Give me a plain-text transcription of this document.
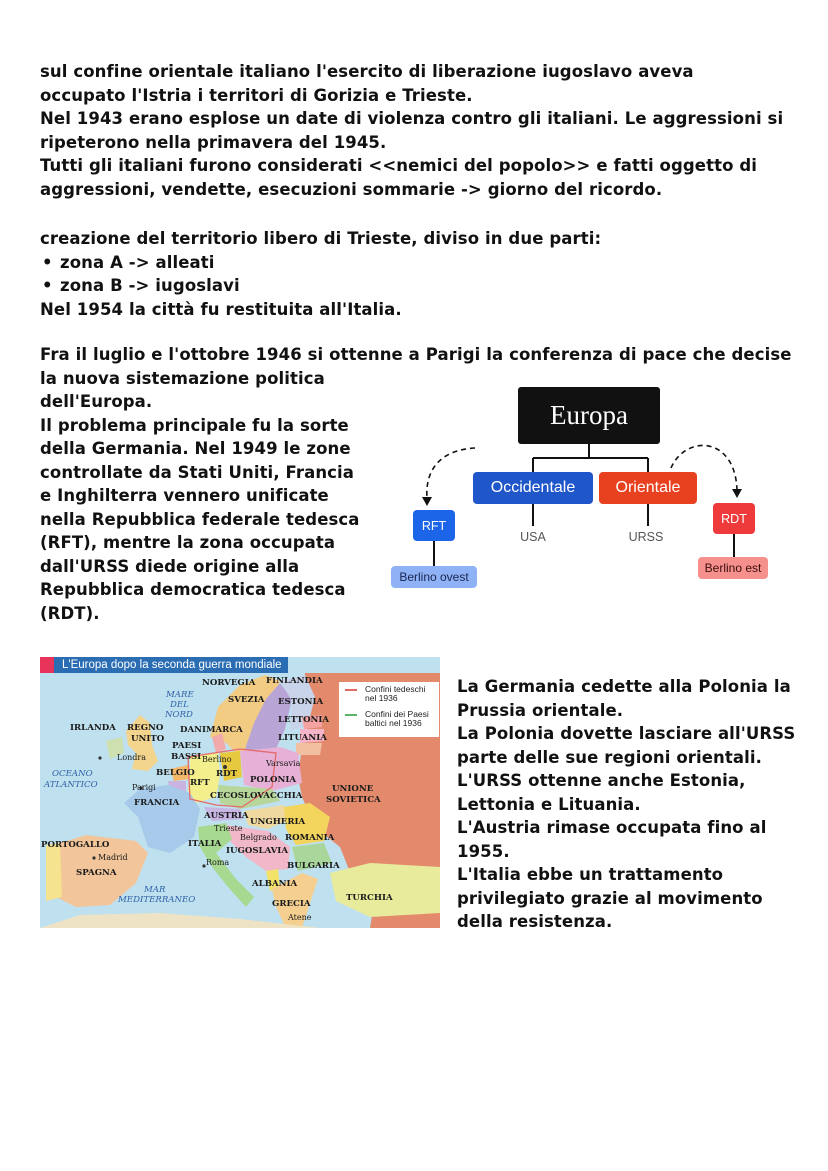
sul confine orientale italiano l'esercito di liberazione iugoslavo aveva

occupato l'Istria i territori di Gorizia e Trieste.

Nel 1943 erano esplose un date di violenza contro gli italiani. Le aggressioni si

ripeterono nella primavera del 1945.

Tutti gli italiani furono considerati <<nemici del popolo>> e fatti oggetto di

aggressioni, vendette, esecuzioni sommarie -> giorno del ricordo.

creazione del territorio libero di Trieste, diviso in due parti:

• zona A -> alleati
• zona B -> iugoslavi

Nel 1954 la città fu restituita all'Italia.

Fra il luglio e l'ottobre 1946 si ottenne a Parigi la conferenza di pace che decise

la nuova sistemazione politica

dell'Europa.

Il problema principale fu la sorte

della Germania. Nel 1949 le zone

controllate da Stati Uniti, Francia

e Inghilterra vennero unificate

nella Repubblica federale tedesca

(RFT), mentre la zona occupata

dall'URSS diede origine alla

Repubblica democratica tedesca

(RDT).

Europa
Occidentale	Orientale
USA	URSS
RFT	RDT
Berlino ovest
Berlino est
L'Europa dopo la seconda guerra mondiale
Confini tedeschi
nel 1936
Confini dei Paesi
baltici nel 1936
MARE
DEL
NORD
OCEANO
ATLANTICO
MAR
MEDITERRANEO
NORVEGIA FINLANDIA
SVEZIA ESTONIA
LETTONIA
LITUANIA
IRLANDA REGNO
UNITO
DANIMARCA
PAESI
BASSI
BELGIO
RFT
RDT
POLONIA
UNIONE
SOVIETICA
FRANCIA
CECOSLOVACCHIA
AUSTRIA
UNGHERIA
ROMANIA
ITALIA
IUGOSLAVIA
BULGARIA
PORTOGALLO
SPAGNA
ALBANIA
GRECIA
TURCHIA
Londra
Parigi
Berlino	Varsavia
Trieste
Belgrado
Roma
Madrid
Atene

La Germania cedette alla Polonia la

Prussia orientale.

La Polonia dovette lasciare all'URSS

parte delle sue regioni orientali.

L'URSS ottenne anche Estonia,

Lettonia e Lituania.

L'Austria rimase occupata fino al

1955.

L'Italia ebbe un trattamento

privilegiato grazie al movimento

della resistenza.
